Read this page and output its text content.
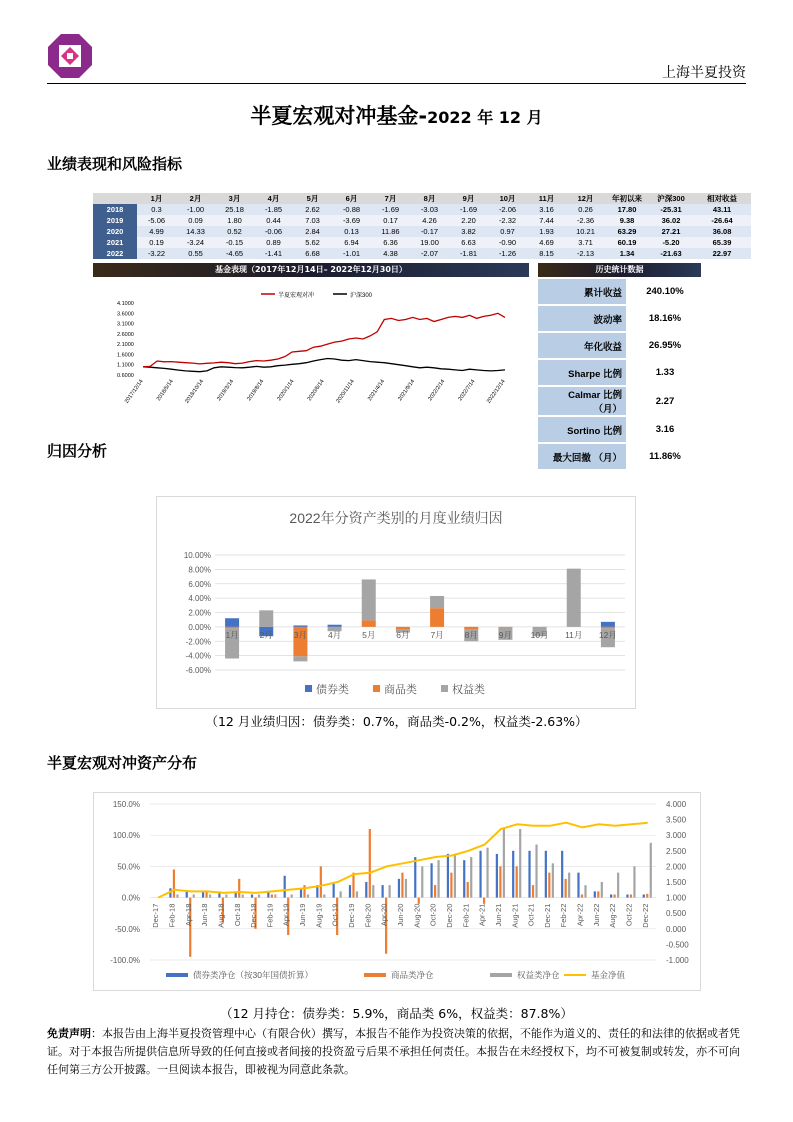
上海半夏投资
半夏宏观对冲基金-2022 年 12 月
业绩表现和风险指标
	1月	2月	3月	4月	5月	6月	7月	8月	9月	10月	11月	12月	年初以来	沪深300	相对收益
2018	0.3	-1.00	25.18	-1.85	2.62	-0.88	-1.69	-3.03	-1.69	-2.06	3.16	0.26	17.80	-25.31	43.11
2019	-5.06	0.09	1.80	0.44	7.03	-3.69	0.17	4.26	2.20	-2.32	7.44	-2.36	9.38	36.02	-26.64
2020	4.99	14.33	0.52	-0.06	2.84	0.13	11.86	-0.17	3.82	0.97	1.93	10.21	63.29	27.21	36.08
2021	0.19	-3.24	-0.15	0.89	5.62	6.94	6.36	19.00	6.63	-0.90	4.69	3.71	60.19	-5.20	65.39
2022	-3.22	0.55	-4.65	-1.41	6.68	-1.01	4.38	-2.07	-1.81	-1.26	8.15	-2.13	1.34	-21.63	22.97
基金表现（2017年12月14日– 2022年12月30日）
半夏宏观对冲	沪深300
4.1000
3.6000
3.1000
2.6000
2.1000
1.6000
1.1000
0.6000
2017/12/14 2018/5/14 2018/10/14 2019/3/14 2019/8/14 2020/1/14 2020/6/14 2020/11/14 2021/4/14 2021/9/14 2022/2/14 2022/7/14 2022/12/14
历史统计数据
累计收益	240.10%
波动率	18.16%
年化收益	26.95%
Sharpe 比例	1.33
Calmar 比例 （月）	2.27
Sortino 比例	3.16
最大回撤 （月）	11.86%
归因分析
2022年分资产类别的月度业绩归因
10.00%
8.00%
6.00%
4.00%
2.00%
0.00%
-2.00%
-4.00%
-6.00%
1月 2月 3月 4月 5月 6月 7月 8月 9月 10月 11月 12月
债券类	商品类	权益类
（12 月业绩归因：债券类：0.7%，商品类-0.2%，权益类-2.63%）
半夏宏观对冲资产分布
150.0%
100.0%
50.0%
0.0%
-50.0%
-100.0%
4.000
3.500
3.000
2.500
2.000
1.500
1.000
0.500
0.000
-0.500
-1.000
Dec-17 Feb-18 Apr-18 Jun-18 Aug-18 Oct-18 Dec-18 Feb-19 Apr-19 Jun-19 Aug-19 Oct-19 Dec-19 Feb-20 Apr-20 Jun-20 Aug-20 Oct-20 Dec-20 Feb-21 Apr-21 Jun-21 Aug-21 Oct-21 Dec-21 Feb-22 Apr-22 Jun-22 Aug-22 Oct-22 Dec-22
债券类净仓（按30年国债折算）	商品类净仓	权益类净仓	基金净值
（12 月持仓：债券类：5.9%，商品类 6%，权益类：87.8%）
免责声明：本报告由上海半夏投资管理中心（有限合伙）撰写，本报告不能作为投资决策的依据，不能作为道义的、责任的和法律的依据或者凭证。对于本报告所提供信息所导致的任何直接或者间接的投资盈亏后果不承担任何责任。本报告在未经授权下，均不可被复制或转发，亦不可向任何第三方公开披露。一旦阅读本报告，即被视为同意此条款。
